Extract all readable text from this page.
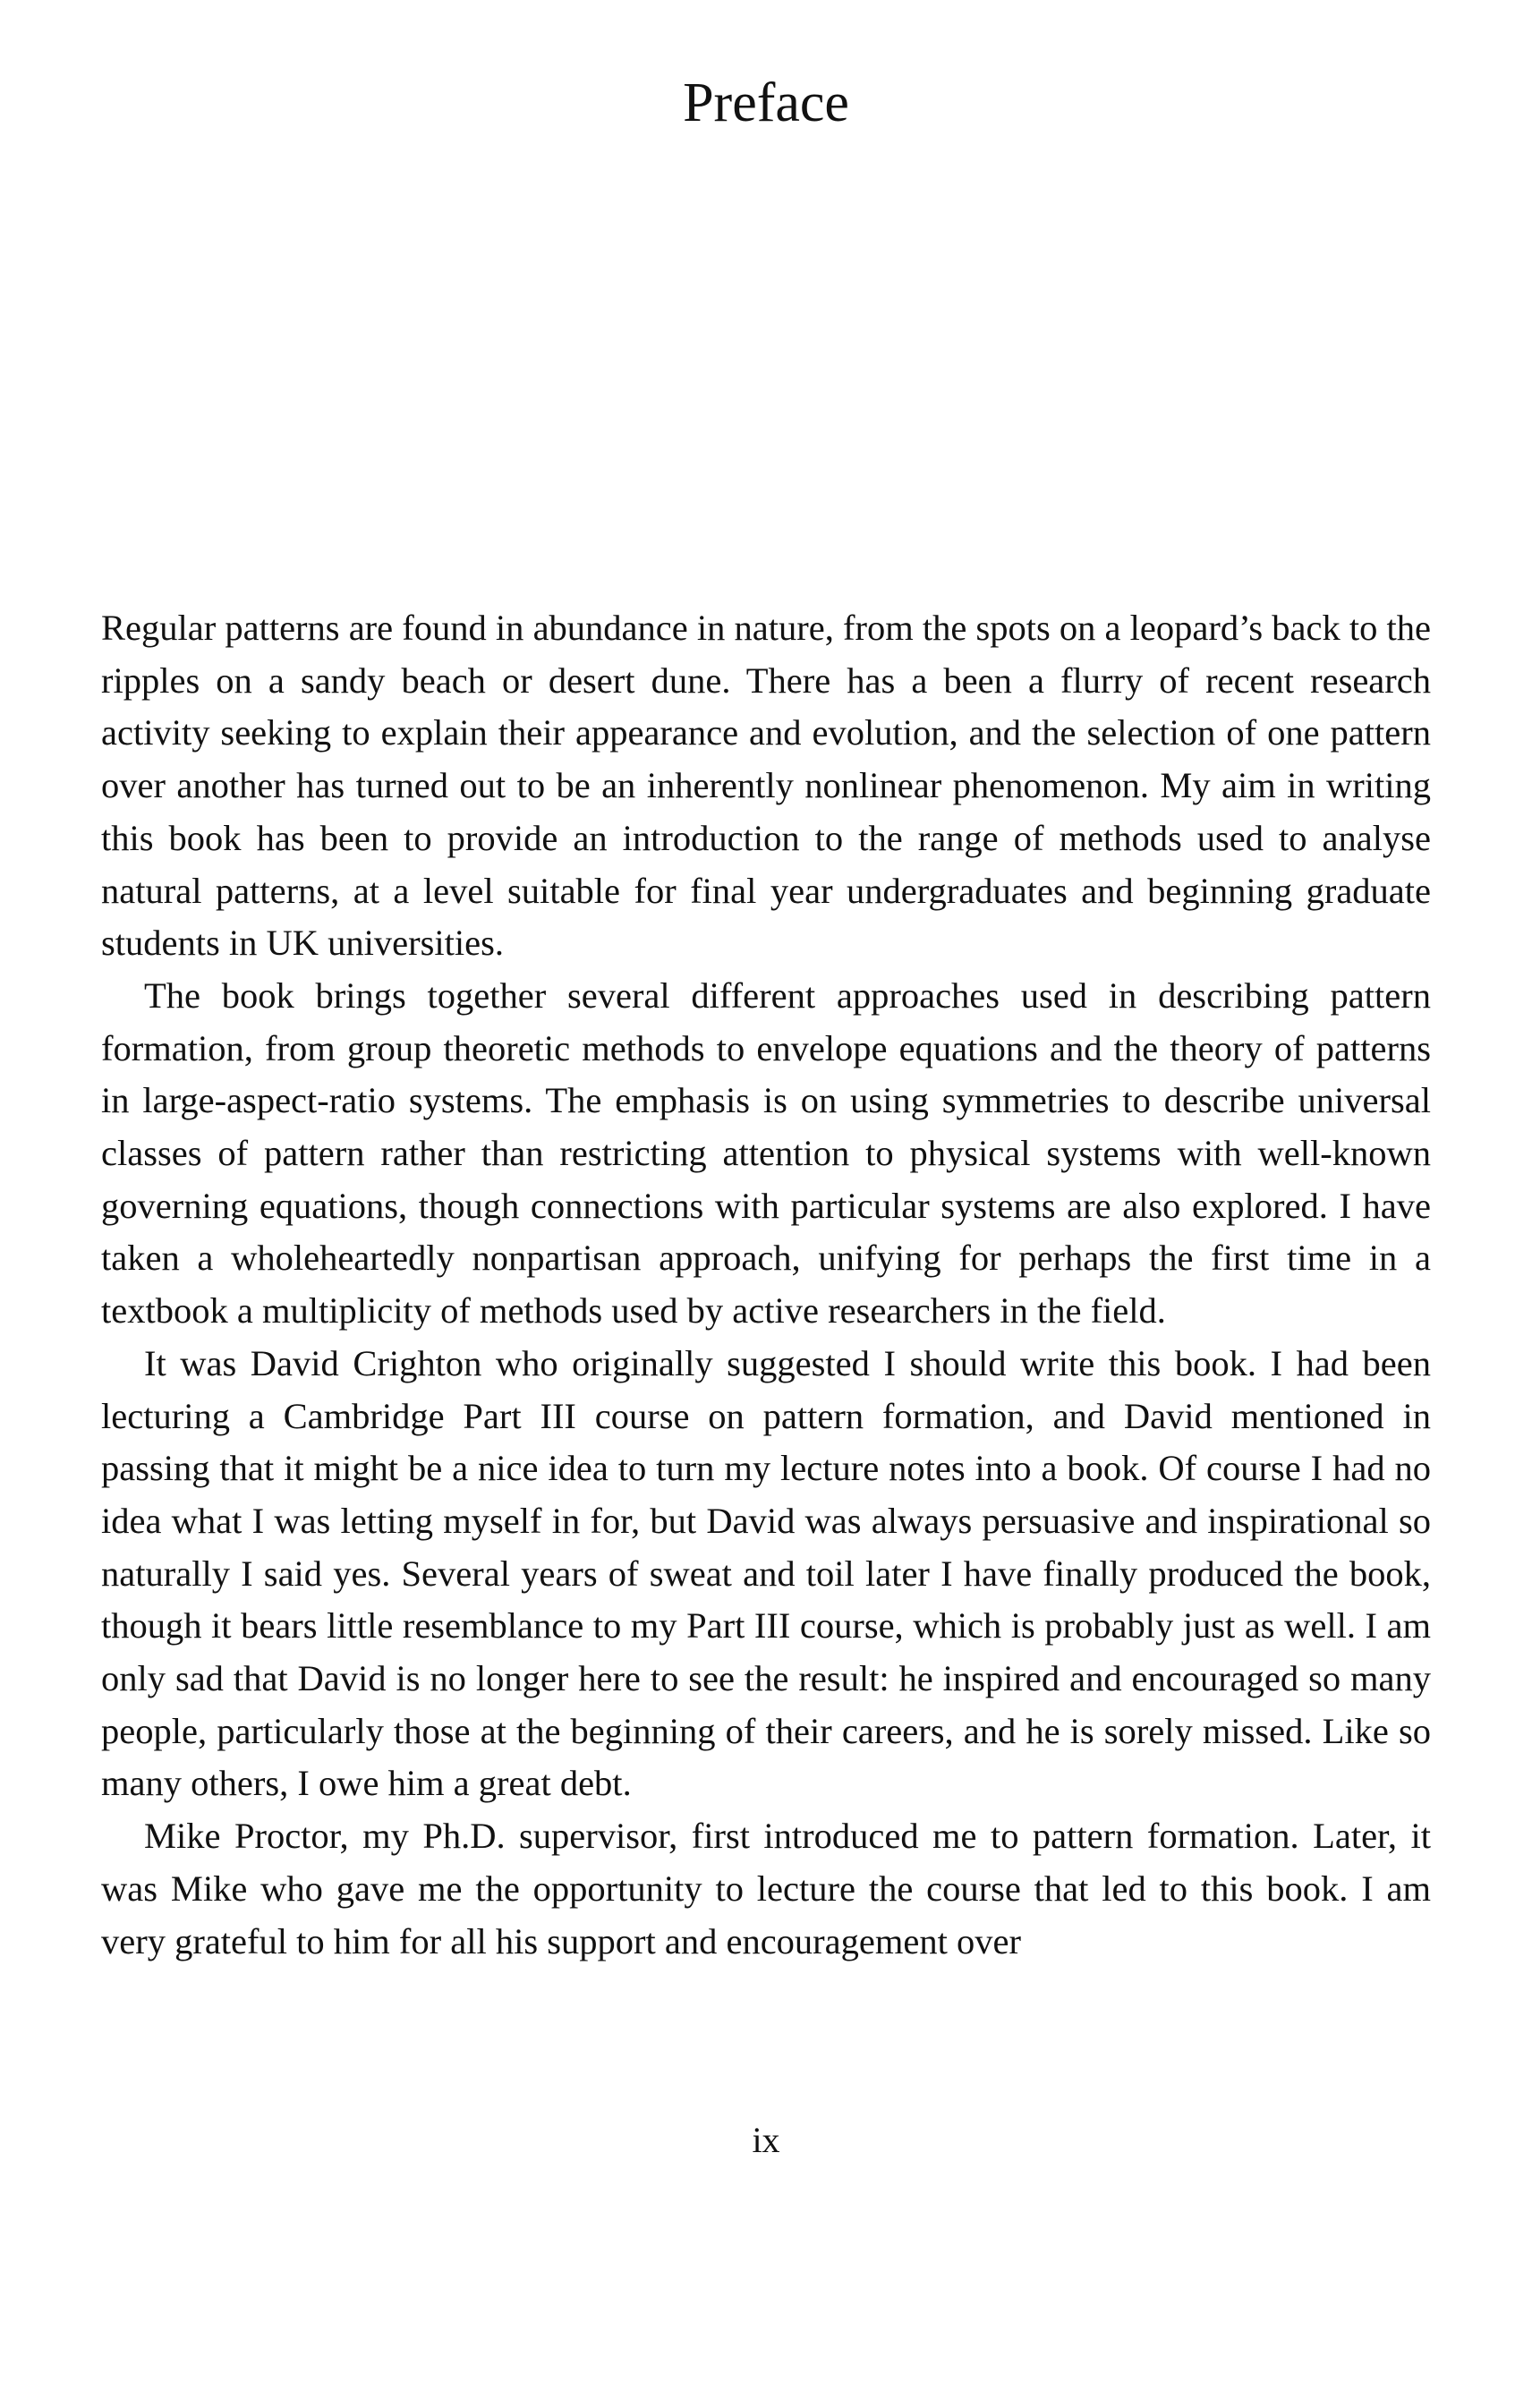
Preface

Regular patterns are found in abundance in nature, from the spots on a leopard’s back to the ripples on a sandy beach or desert dune. There has a been a flurry of recent research activity seeking to explain their appearance and evolution, and the selection of one pattern over another has turned out to be an inherently nonlinear phenomenon. My aim in writing this book has been to provide an introduction to the range of methods used to analyse natural patterns, at a level suitable for final year undergraduates and beginning graduate students in UK universities.

The book brings together several different approaches used in describing pattern formation, from group theoretic methods to envelope equations and the theory of patterns in large-aspect-ratio systems. The emphasis is on using symmetries to describe universal classes of pattern rather than restricting attention to physical systems with well-known governing equations, though connections with particular systems are also explored. I have taken a wholeheartedly nonpartisan approach, unifying for perhaps the first time in a textbook a multiplicity of methods used by active researchers in the field.

It was David Crighton who originally suggested I should write this book. I had been lecturing a Cambridge Part III course on pattern formation, and David mentioned in passing that it might be a nice idea to turn my lecture notes into a book. Of course I had no idea what I was letting myself in for, but David was always persuasive and inspirational so naturally I said yes. Several years of sweat and toil later I have finally produced the book, though it bears little resemblance to my Part III course, which is probably just as well. I am only sad that David is no longer here to see the result: he inspired and encouraged so many people, particularly those at the beginning of their careers, and he is sorely missed. Like so many others, I owe him a great debt.

Mike Proctor, my Ph.D. supervisor, first introduced me to pattern formation. Later, it was Mike who gave me the opportunity to lecture the course that led to this book. I am very grateful to him for all his support and encouragement over

ix
